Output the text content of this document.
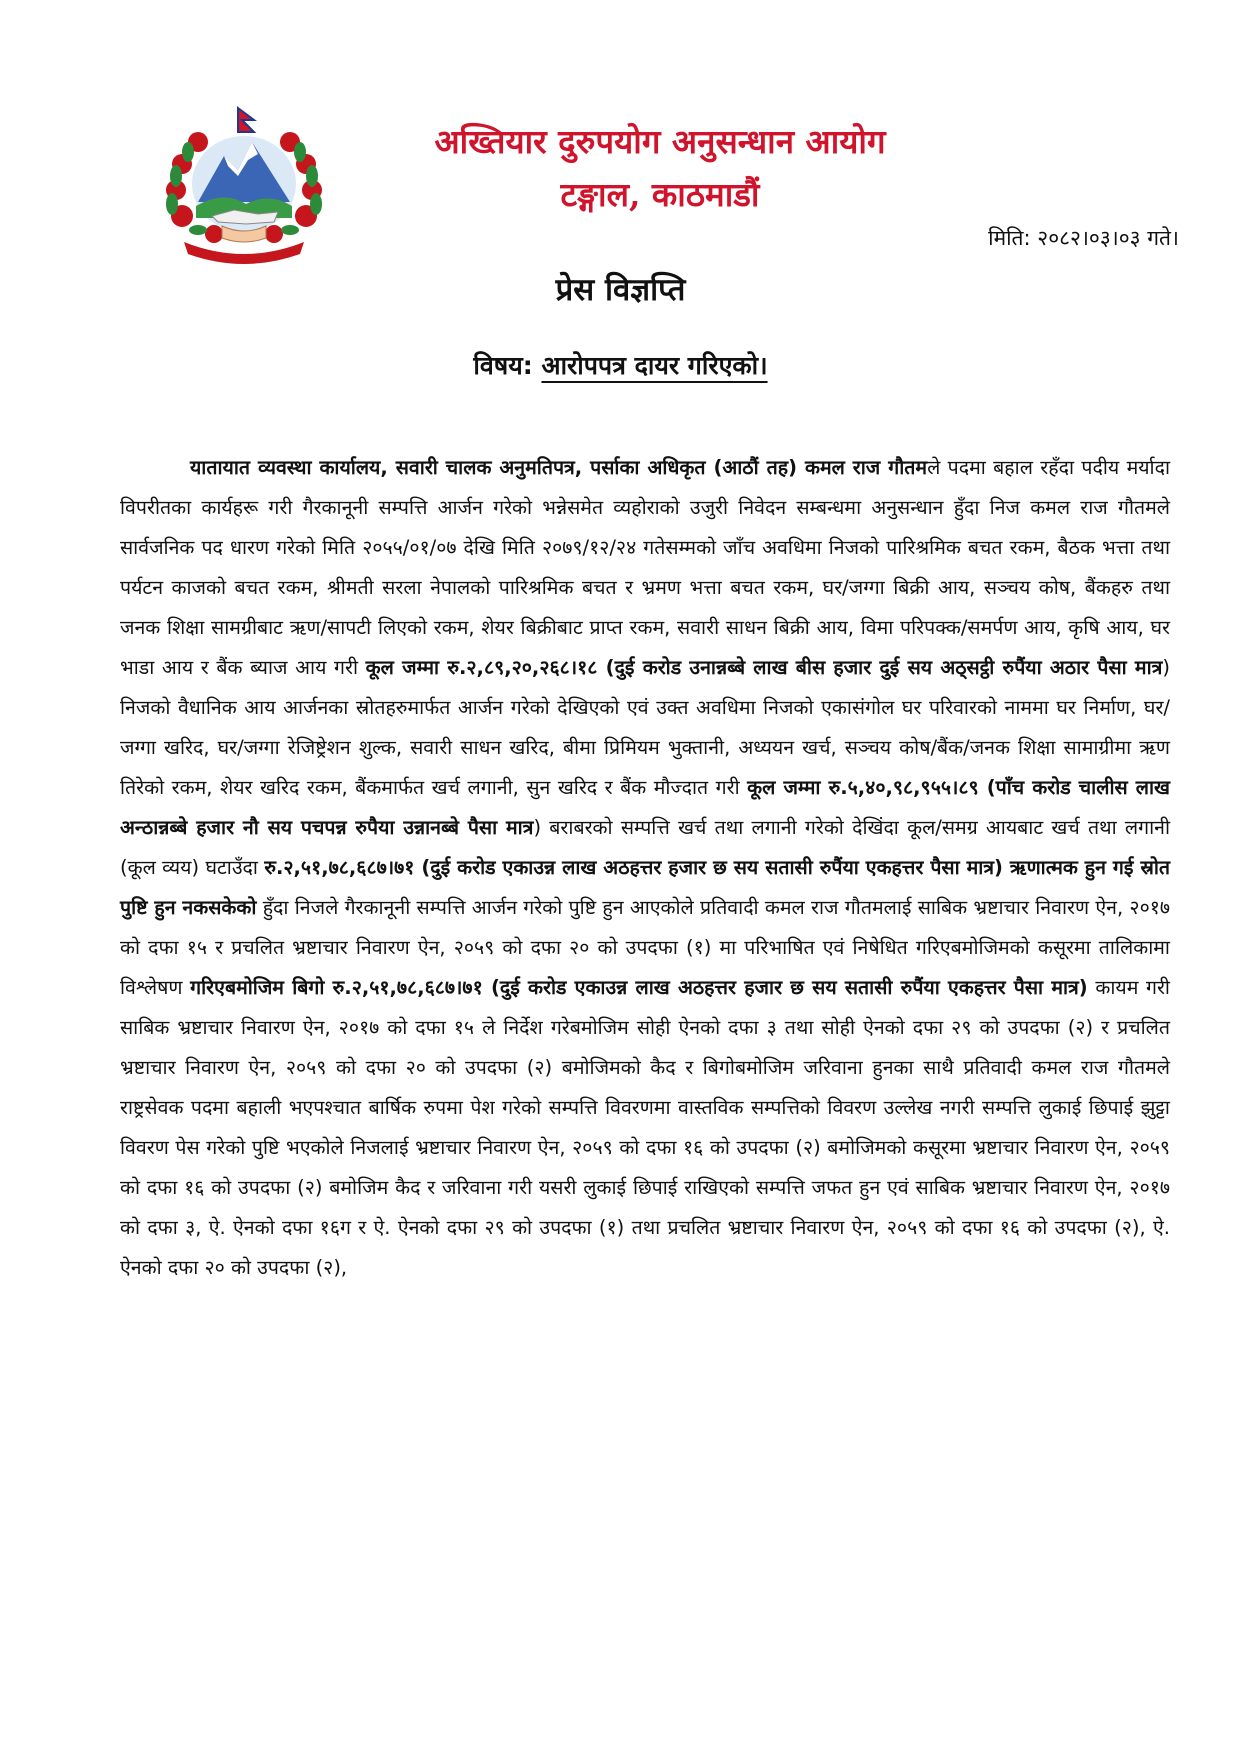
अख्तियार दुरुपयोग अनुसन्धान आयोग
टङ्गाल, काठमाडौं
मिति: २०८२।०३।०३ गते।
प्रेस विज्ञप्ति
विषय: आरोपपत्र दायर गरिएको।

यातायात व्यवस्था कार्यालय, सवारी चालक अनुमतिपत्र, पर्साका अधिकृत (आठौं तह) कमल राज गौतमले पदमा बहाल रहँदा पदीय मर्यादा विपरीतका कार्यहरू गरी गैरकानूनी सम्पत्ति आर्जन गरेको भन्नेसमेत व्यहोराको उजुरी निवेदन सम्बन्धमा अनुसन्धान हुँदा निज कमल राज गौतमले सार्वजनिक पद धारण गरेको मिति २०५५/०१/०७ देखि मिति २०७९/१२/२४ गतेसम्मको जाँच अवधिमा निजको पारिश्रमिक बचत रकम, बैठक भत्ता तथा पर्यटन काजको बचत रकम, श्रीमती सरला नेपालको पारिश्रमिक बचत र भ्रमण भत्ता बचत रकम, घर/जग्गा बिक्री आय, सञ्चय कोष, बैंकहरु तथा जनक शिक्षा सामग्रीबाट ऋण/सापटी लिएको रकम, शेयर बिक्रीबाट प्राप्त रकम, सवारी साधन बिक्री आय, विमा परिपक्क/समर्पण आय, कृषि आय, घर भाडा आय र बैंक ब्याज आय गरी कूल जम्मा रु.२,८९,२०,२६८।१८ (दुई करोड उनान्नब्बे लाख बीस हजार दुई सय अठ्सट्ठी रुपैंया अठार पैसा मात्र) निजको वैधानिक आय आर्जनका स्रोतहरुमार्फत आर्जन गरेको देखिएको एवं उक्त अवधिमा निजको एकासंगोल घर परिवारको नाममा घर निर्माण, घर/जग्गा खरिद, घर/जग्गा रेजिष्ट्रेशन शुल्क, सवारी साधन खरिद, बीमा प्रिमियम भुक्तानी, अध्ययन खर्च, सञ्चय कोष/बैंक/जनक शिक्षा सामाग्रीमा ऋण तिरेको रकम, शेयर खरिद रकम, बैंकमार्फत खर्च लगानी, सुन खरिद र बैंक मौज्दात गरी कूल जम्मा रु.५,४०,९८,९५५।८९ (पाँच करोड चालीस लाख अन्ठान्नब्बे हजार नौ सय पचपन्न रुपैया उन्नानब्बे पैसा मात्र) बराबरको सम्पत्ति खर्च तथा लगानी गरेको देखिंदा कूल/समग्र आयबाट खर्च तथा लगानी (कूल व्यय) घटाउँदा रु.२,५१,७८,६८७।७१ (दुई करोड एकाउन्न लाख अठहत्तर हजार छ सय सतासी रुपैंया एकहत्तर पैसा मात्र) ऋणात्मक हुन गई स्रोत पुष्टि हुन नकसकेको हुँदा निजले गैरकानूनी सम्पत्ति आर्जन गरेको पुष्टि हुन आएकोले प्रतिवादी कमल राज गौतमलाई साबिक भ्रष्टाचार निवारण ऐन, २०१७ को दफा १५ र प्रचलित भ्रष्टाचार निवारण ऐन, २०५९ को दफा २० को उपदफा (१) मा परिभाषित एवं निषेधित गरिएबमोजिमको कसूरमा तालिकामा विश्लेषण गरिएबमोजिम बिगो रु.२,५१,७८,६८७।७१ (दुई करोड एकाउन्न लाख अठहत्तर हजार छ सय सतासी रुपैंया एकहत्तर पैसा मात्र) कायम गरी साबिक भ्रष्टाचार निवारण ऐन, २०१७ को दफा १५ ले निर्देश गरेबमोजिम सोही ऐनको दफा ३ तथा सोही ऐनको दफा २९ को उपदफा (२) र प्रचलित भ्रष्टाचार निवारण ऐन, २०५९ को दफा २० को उपदफा (२) बमोजिमको कैद र बिगोबमोजिम जरिवाना हुनका साथै प्रतिवादी कमल राज गौतमले राष्ट्रसेवक पदमा बहाली भएपश्चात बार्षिक रुपमा पेश गरेको सम्पत्ति विवरणमा वास्तविक सम्पत्तिको विवरण उल्लेख नगरी सम्पत्ति लुकाई छिपाई झुट्टा विवरण पेस गरेको पुष्टि भएकोले निजलाई भ्रष्टाचार निवारण ऐन, २०५९ को दफा १६ को उपदफा (२) बमोजिमको कसूरमा भ्रष्टाचार निवारण ऐन, २०५९ को दफा १६ को उपदफा (२) बमोजिम कैद र जरिवाना गरी यसरी लुकाई छिपाई राखिएको सम्पत्ति जफत हुन एवं साबिक भ्रष्टाचार निवारण ऐन, २०१७ को दफा ३, ऐ. ऐनको दफा १६ग र ऐ. ऐनको दफा २९ को उपदफा (१) तथा प्रचलित भ्रष्टाचार निवारण ऐन, २०५९ को दफा १६ को उपदफा (२), ऐ. ऐनको दफा २० को उपदफा (२),
